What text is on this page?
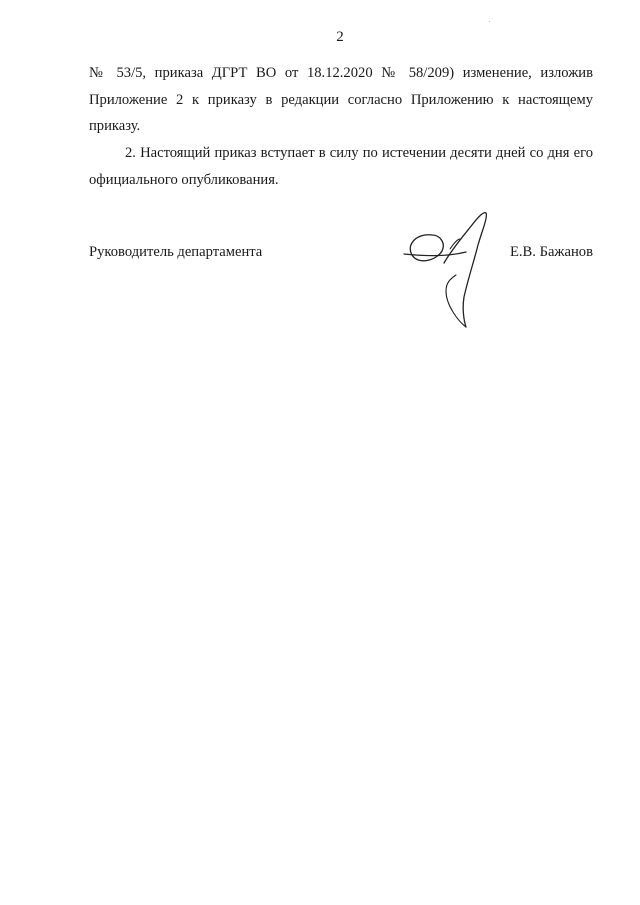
2

№ 53/5, приказа ДГРТ ВО от 18.12.2020 № 58/209) изменение, изложив Приложение 2 к приказу в редакции согласно Приложению к настоящему приказу.

2. Настоящий приказ вступает в силу по истечении десяти дней со дня его официального опубликования.

Руководитель департамента	Е.В. Бажанов
